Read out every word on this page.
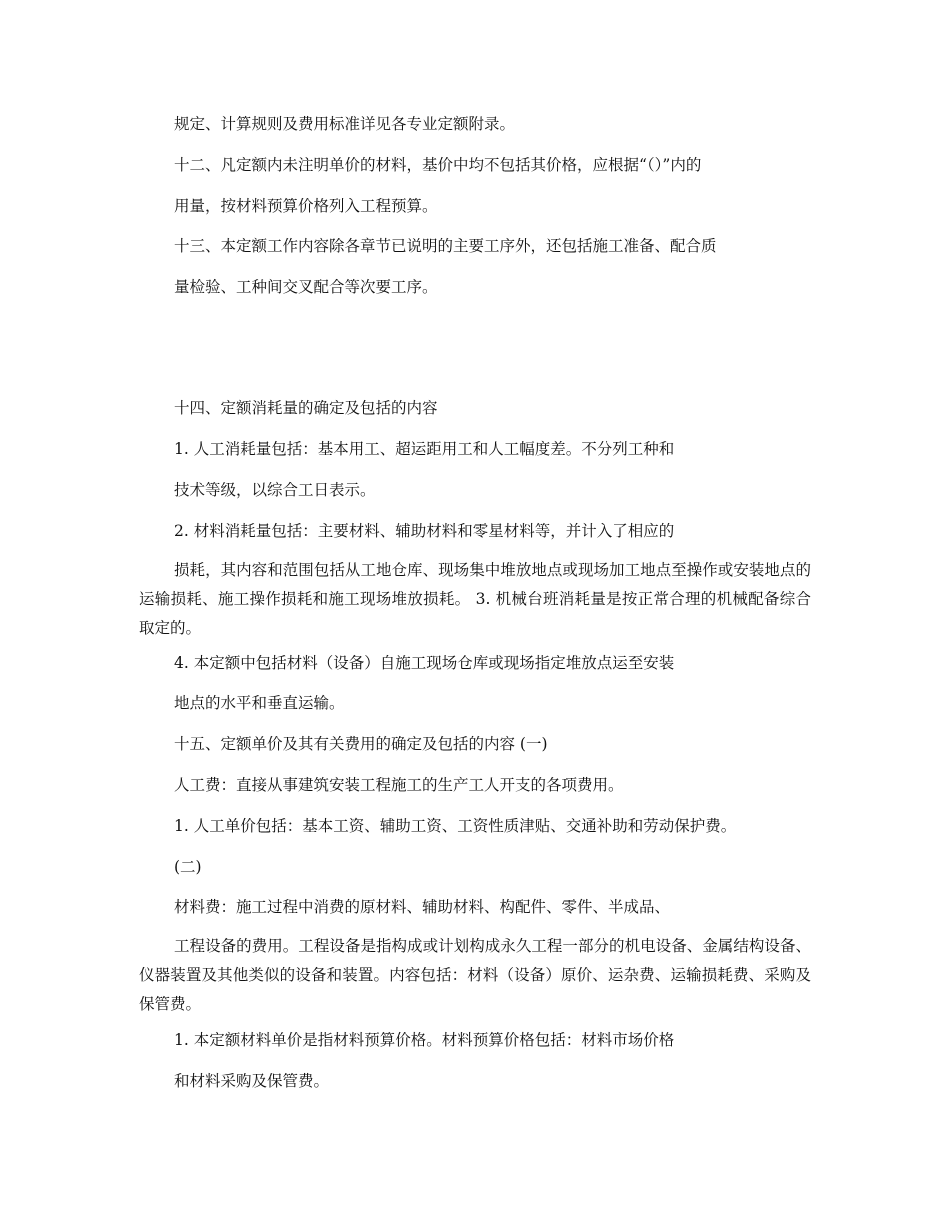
规定、计算规则及费用标准详见各专业定额附录。
十二、凡定额内未注明单价的材料，基价中均不包括其价格，应根据“（）”内的
用量，按材料预算价格列入工程预算。
十三、本定额工作内容除各章节已说明的主要工序外，还包括施工准备、配合质
量检验、工种间交叉配合等次要工序。
十四、定额消耗量的确定及包括的内容
1. 人工消耗量包括：基本用工、超运距用工和人工幅度差。不分列工种和
技术等级，以综合工日表示。
2. 材料消耗量包括：主要材料、辅助材料和零星材料等，并计入了相应的
损耗，其内容和范围包括从工地仓库、现场集中堆放地点或现场加工地点至操作或安装地点的运输损耗、施工操作损耗和施工现场堆放损耗。 3. 机械台班消耗量是按正常合理的机械配备综合取定的。
4. 本定额中包括材料（设备）自施工现场仓库或现场指定堆放点运至安装
地点的水平和垂直运输。
十五、定额单价及其有关费用的确定及包括的内容 (一)
人工费：直接从事建筑安装工程施工的生产工人开支的各项费用。
1. 人工单价包括：基本工资、辅助工资、工资性质津贴、交通补助和劳动保护费。
(二)
材料费：施工过程中消费的原材料、辅助材料、构配件、零件、半成品、
工程设备的费用。工程设备是指构成或计划构成永久工程一部分的机电设备、金属结构设备、仪器装置及其他类似的设备和装置。内容包括：材料（设备）原价、运杂费、运输损耗费、采购及保管费。
1. 本定额材料单价是指材料预算价格。材料预算价格包括：材料市场价格
和材料采购及保管费。
